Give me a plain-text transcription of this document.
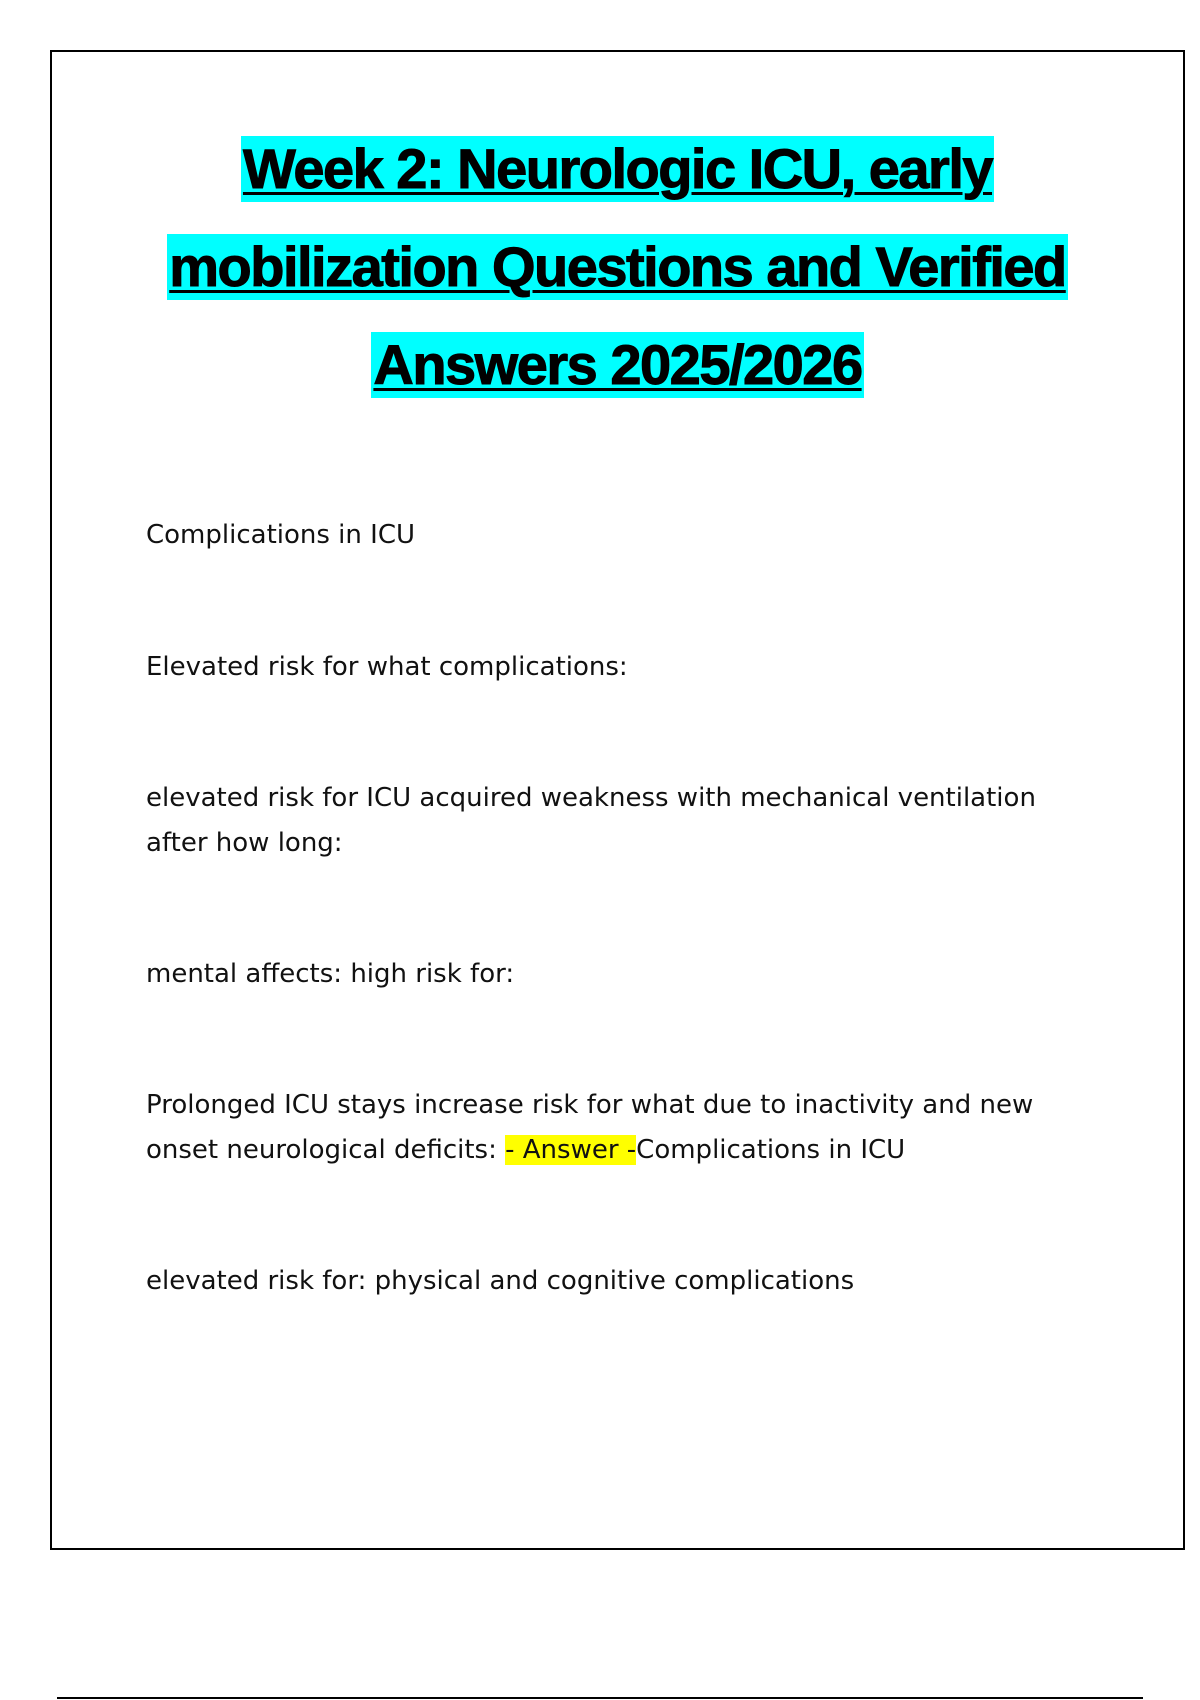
Week 2: Neurologic ICU, early
mobilization Questions and Verified
Answers 2025/2026

Complications in ICU

Elevated risk for what complications:

elevated risk for ICU acquired weakness with mechanical ventilation
after how long:

mental affects: high risk for:

Prolonged ICU stays increase risk for what due to inactivity and new
onset neurological deficits: - Answer -Complications in ICU

elevated risk for: physical and cognitive complications
